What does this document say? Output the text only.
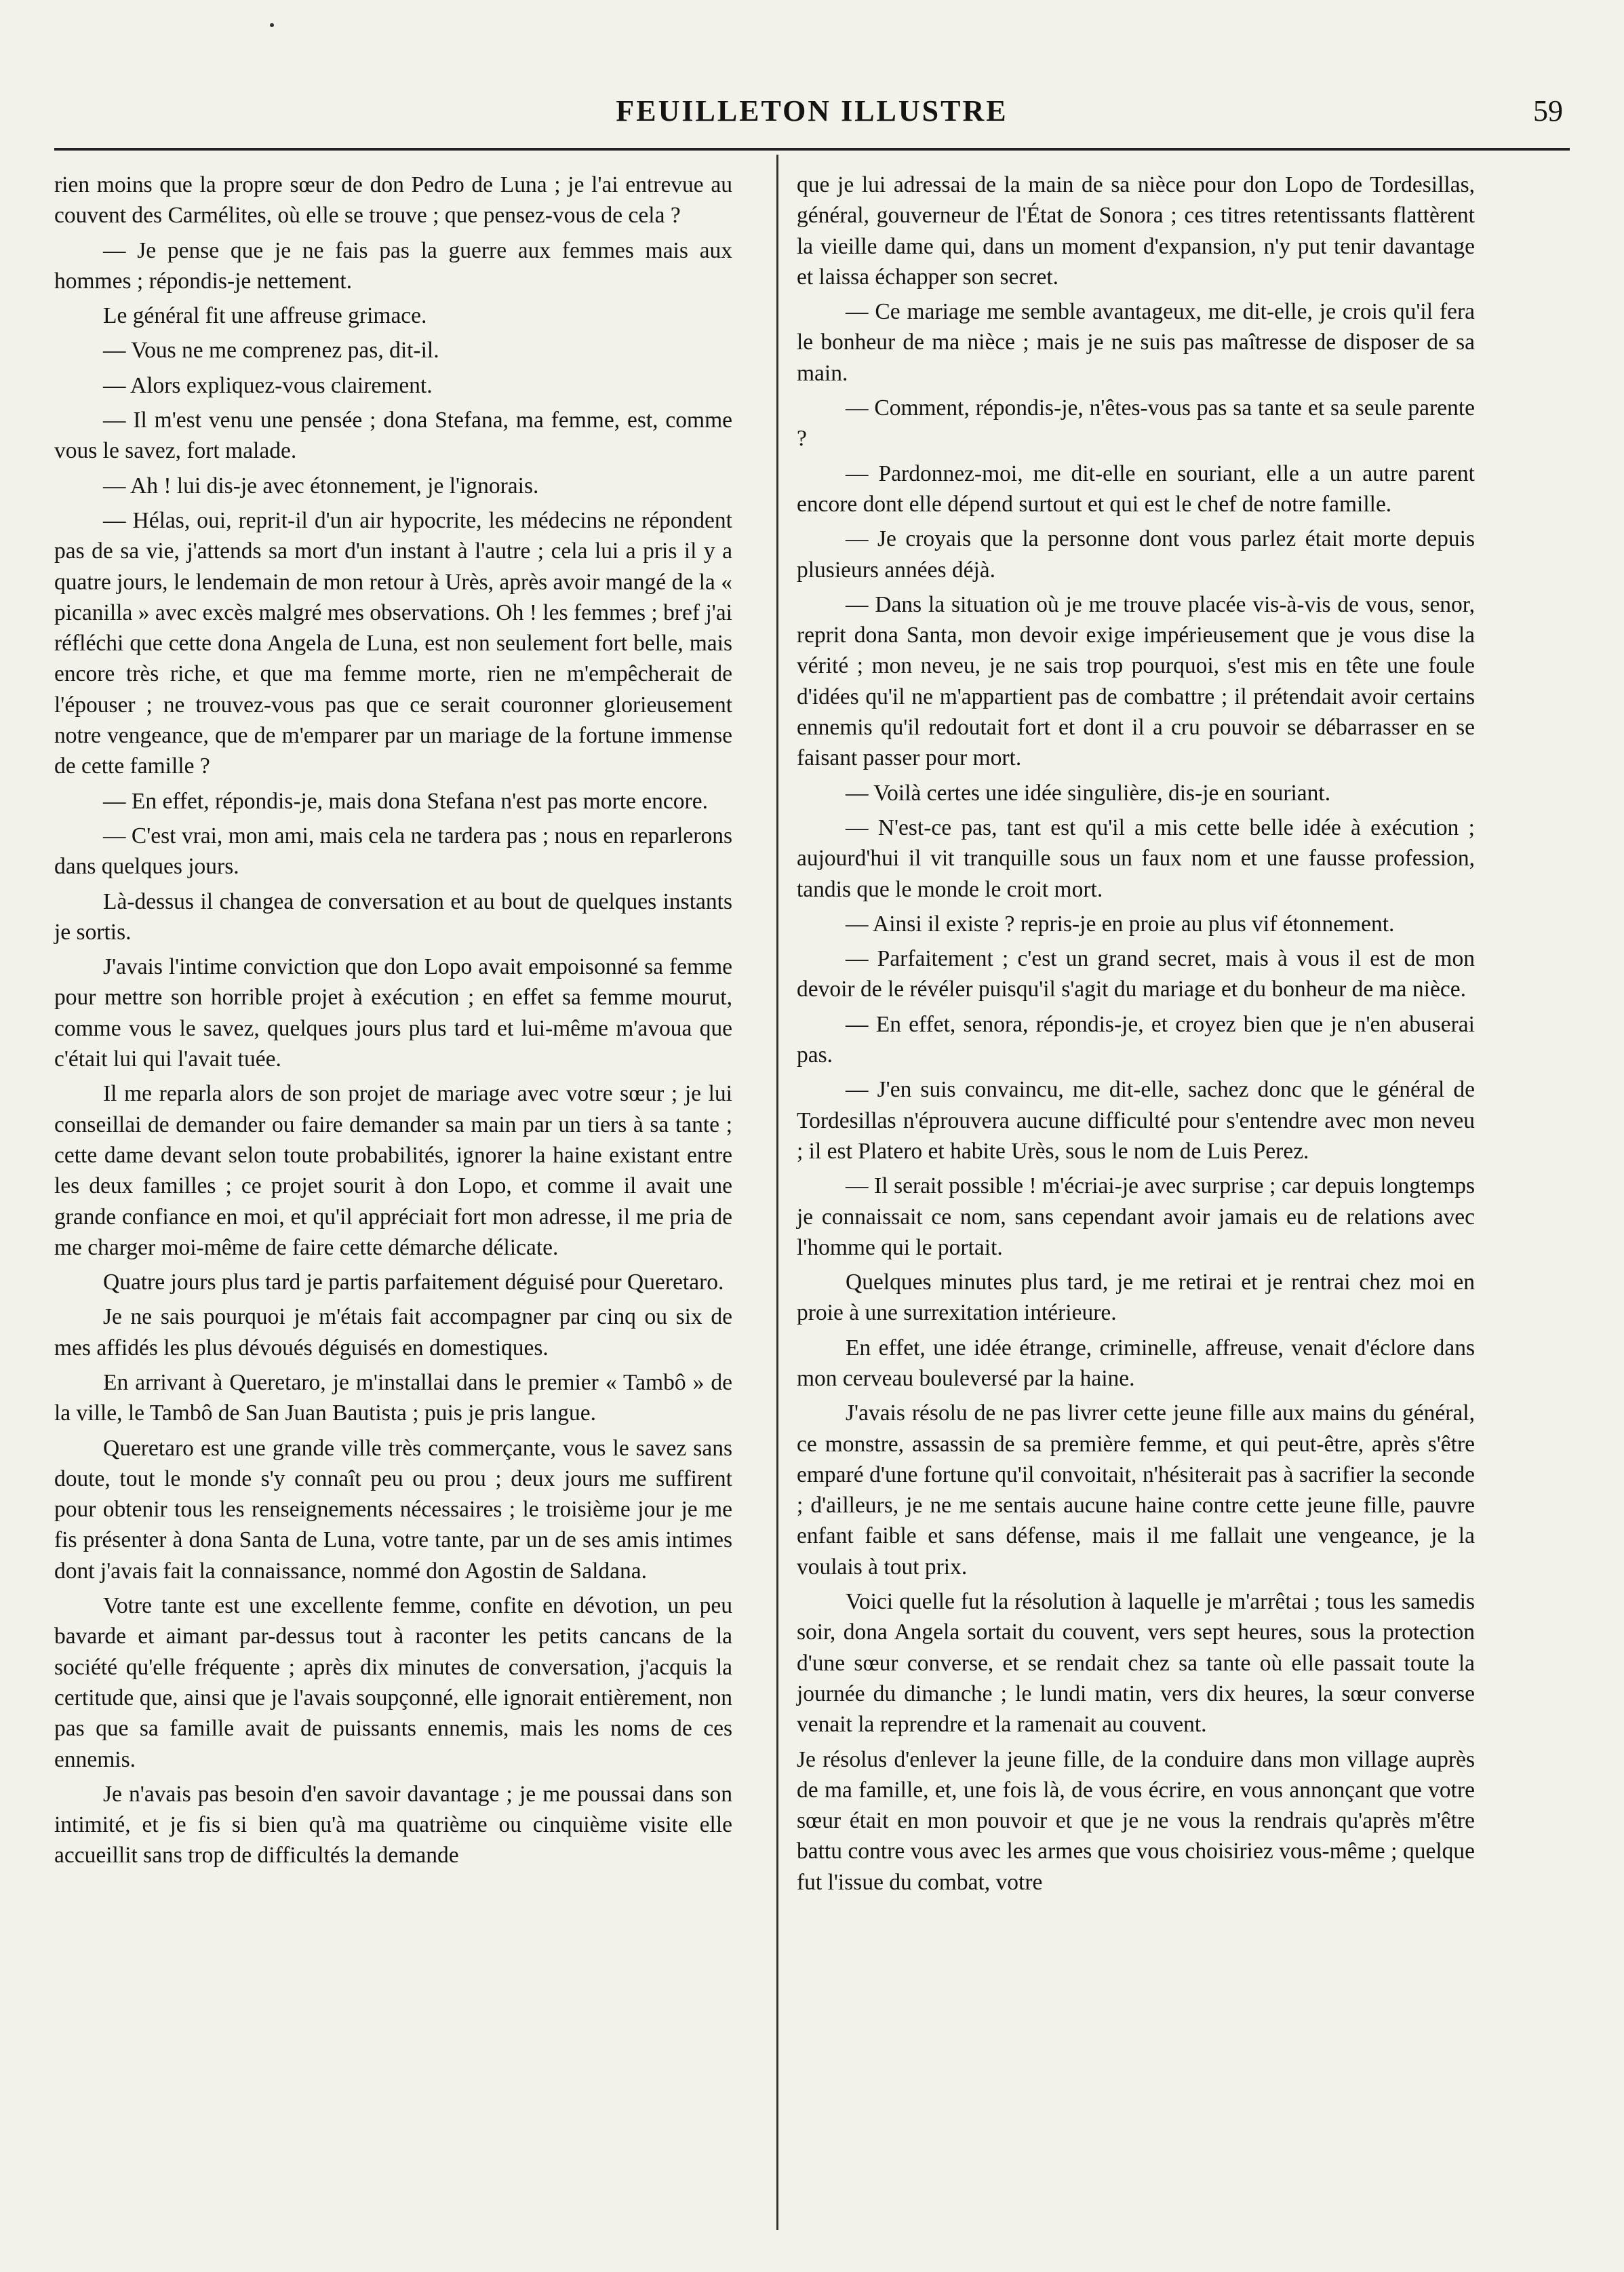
FEUILLETON ILLUSTRE	59

rien moins que la propre sœur de don Pedro de Luna ; je l'ai entrevue au couvent des Carmélites, où elle se trouve ; que pensez-vous de cela ?

— Je pense que je ne fais pas la guerre aux femmes mais aux hommes ; répondis-je nettement.

Le général fit une affreuse grimace.

— Vous ne me comprenez pas, dit-il.

— Alors expliquez-vous clairement.

— Il m'est venu une pensée ; dona Stefana, ma femme, est, comme vous le savez, fort malade.

— Ah ! lui dis-je avec étonnement, je l'ignorais.

— Hélas, oui, reprit-il d'un air hypocrite, les médecins ne répondent pas de sa vie, j'attends sa mort d'un instant à l'autre ; cela lui a pris il y a quatre jours, le lendemain de mon retour à Urès, après avoir mangé de la « picanilla » avec excès malgré mes observations. Oh ! les femmes ; bref j'ai réfléchi que cette dona Angela de Luna, est non seulement fort belle, mais encore très riche, et que ma femme morte, rien ne m'empêcherait de l'épouser ; ne trouvez-vous pas que ce serait couronner glorieusement notre vengeance, que de m'emparer par un mariage de la fortune immense de cette famille ?

— En effet, répondis-je, mais dona Stefana n'est pas morte encore.

— C'est vrai, mon ami, mais cela ne tardera pas ; nous en reparlerons dans quelques jours.

Là-dessus il changea de conversation et au bout de quelques instants je sortis.

J'avais l'intime conviction que don Lopo avait empoisonné sa femme pour mettre son horrible projet à exécution ; en effet sa femme mourut, comme vous le savez, quelques jours plus tard et lui-même m'avoua que c'était lui qui l'avait tuée.

Il me reparla alors de son projet de mariage avec votre sœur ; je lui conseillai de demander ou faire demander sa main par un tiers à sa tante ; cette dame devant selon toute probabilités, ignorer la haine existant entre les deux familles ; ce projet sourit à don Lopo, et comme il avait une grande confiance en moi, et qu'il appréciait fort mon adresse, il me pria de me charger moi-même de faire cette démarche délicate.

Quatre jours plus tard je partis parfaitement déguisé pour Queretaro.

Je ne sais pourquoi je m'étais fait accompagner par cinq ou six de mes affidés les plus dévoués déguisés en domestiques.

En arrivant à Queretaro, je m'installai dans le premier « Tambô » de la ville, le Tambô de San Juan Bautista ; puis je pris langue.

Queretaro est une grande ville très commerçante, vous le savez sans doute, tout le monde s'y connaît peu ou prou ; deux jours me suffirent pour obtenir tous les renseignements nécessaires ; le troisième jour je me fis présenter à dona Santa de Luna, votre tante, par un de ses amis intimes dont j'avais fait la connaissance, nommé don Agostin de Saldana.

Votre tante est une excellente femme, confite en dévotion, un peu bavarde et aimant par-dessus tout à raconter les petits cancans de la société qu'elle fréquente ; après dix minutes de conversation, j'acquis la certitude que, ainsi que je l'avais soupçonné, elle ignorait entièrement, non pas que sa famille avait de puissants ennemis, mais les noms de ces ennemis.

Je n'avais pas besoin d'en savoir davantage ; je me poussai dans son intimité, et je fis si bien qu'à ma quatrième ou cinquième visite elle accueillit sans trop de difficultés la demande

que je lui adressai de la main de sa nièce pour don Lopo de Tordesillas, général, gouverneur de l'État de Sonora ; ces titres retentissants flattèrent la vieille dame qui, dans un moment d'expansion, n'y put tenir davantage et laissa échapper son secret.

— Ce mariage me semble avantageux, me dit-elle, je crois qu'il fera le bonheur de ma nièce ; mais je ne suis pas maîtresse de disposer de sa main.

— Comment, répondis-je, n'êtes-vous pas sa tante et sa seule parente ?

— Pardonnez-moi, me dit-elle en souriant, elle a un autre parent encore dont elle dépend surtout et qui est le chef de notre famille.

— Je croyais que la personne dont vous parlez était morte depuis plusieurs années déjà.

— Dans la situation où je me trouve placée vis-à-vis de vous, senor, reprit dona Santa, mon devoir exige impérieusement que je vous dise la vérité ; mon neveu, je ne sais trop pourquoi, s'est mis en tête une foule d'idées qu'il ne m'appartient pas de combattre ; il prétendait avoir certains ennemis qu'il redoutait fort et dont il a cru pouvoir se débarrasser en se faisant passer pour mort.

— Voilà certes une idée singulière, dis-je en souriant.

— N'est-ce pas, tant est qu'il a mis cette belle idée à exécution ; aujourd'hui il vit tranquille sous un faux nom et une fausse profession, tandis que le monde le croit mort.

— Ainsi il existe ? repris-je en proie au plus vif étonnement.

— Parfaitement ; c'est un grand secret, mais à vous il est de mon devoir de le révéler puisqu'il s'agit du mariage et du bonheur de ma nièce.

— En effet, senora, répondis-je, et croyez bien que je n'en abuserai pas.

— J'en suis convaincu, me dit-elle, sachez donc que le général de Tordesillas n'éprouvera aucune difficulté pour s'entendre avec mon neveu ; il est Platero et habite Urès, sous le nom de Luis Perez.

— Il serait possible ! m'écriai-je avec surprise ; car depuis longtemps je connaissait ce nom, sans cependant avoir jamais eu de relations avec l'homme qui le portait.

Quelques minutes plus tard, je me retirai et je rentrai chez moi en proie à une surrexitation intérieure.

En effet, une idée étrange, criminelle, affreuse, venait d'éclore dans mon cerveau bouleversé par la haine.

J'avais résolu de ne pas livrer cette jeune fille aux mains du général, ce monstre, assassin de sa première femme, et qui peut-être, après s'être emparé d'une fortune qu'il convoitait, n'hésiterait pas à sacrifier la seconde ; d'ailleurs, je ne me sentais aucune haine contre cette jeune fille, pauvre enfant faible et sans défense, mais il me fallait une vengeance, je la voulais à tout prix.

Voici quelle fut la résolution à laquelle je m'arrêtai ; tous les samedis soir, dona Angela sortait du couvent, vers sept heures, sous la protection d'une sœur converse, et se rendait chez sa tante où elle passait toute la journée du dimanche ; le lundi matin, vers dix heures, la sœur converse venait la reprendre et la ramenait au couvent.

Je résolus d'enlever la jeune fille, de la conduire dans mon village auprès de ma famille, et, une fois là, de vous écrire, en vous annonçant que votre sœur était en mon pouvoir et que je ne vous la rendrais qu'après m'être battu contre vous avec les armes que vous choisiriez vous-même ; quelque fut l'issue du combat, votre
